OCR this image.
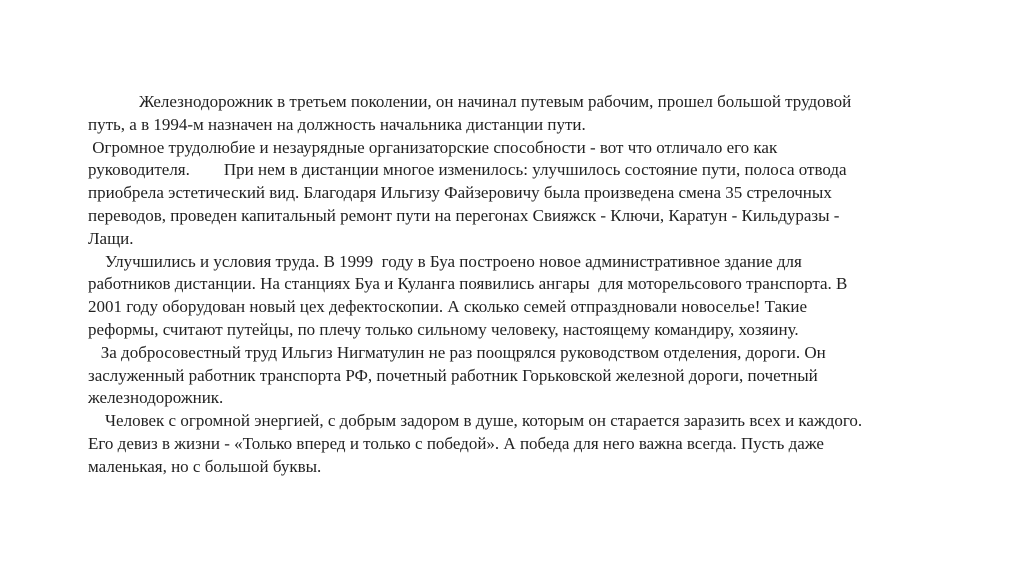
Железнодорожник в третьем поколении, он начинал путевым рабочим, прошел большой трудовой
путь, а в 1994-м назначен на должность начальника дистанции пути.
Огромное трудолюбие и незаурядные организаторские способности - вот что отличало его как
руководителя.        При нем в дистанции многое изменилось: улучшилось состояние пути, полоса отвода
приобрела эстетический вид. Благодаря Ильгизу Файзеровичу была произведена смена 35 стрелочных
переводов, проведен капитальный ремонт пути на перегонах Свияжск - Ключи, Каратун - Кильдуразы -
Лащи.
Улучшились и условия труда. В 1999  году в Буа построено новое административное здание для
работников дистанции. На станциях Буа и Куланга появились ангары  для моторельсового транспорта. В
2001 году оборудован новый цех дефектоскопии. А сколько семей отпраздновали новоселье! Такие
реформы, считают путейцы, по плечу только сильному человеку, настоящему командиру, хозяину.
За добросовестный труд Ильгиз Нигматулин не раз поощрялся руководством отделения, дороги. Он
заслуженный работник транспорта РФ, почетный работник Горьковской железной дороги, почетный
железнодорожник.
Человек с огромной энергией, с добрым задором в душе, которым он старается заразить всех и каждого.
Его девиз в жизни - «Только вперед и только с победой». А победа для него важна всегда. Пусть даже
маленькая, но с большой буквы.
